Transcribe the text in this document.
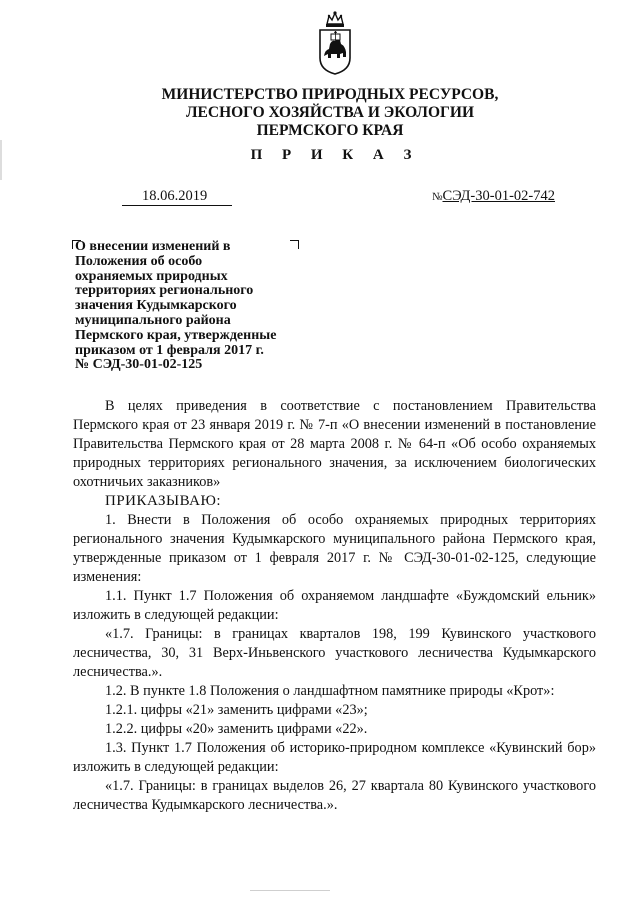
МИНИСТЕРСТВО ПРИРОДНЫХ РЕСУРСОВ,
ЛЕСНОГО ХОЗЯЙСТВА И ЭКОЛОГИИ
ПЕРМСКОГО КРАЯ
П Р И К А З
18.06.2019	№СЭД-30-01-02-742
О внесении изменений в
Положения об особо
охраняемых природных
территориях регионального
значения Кудымкарского
муниципального района
Пермского края, утвержденные
приказом от 1 февраля 2017 г.
№ СЭД-30-01-02-125

В целях приведения в соответствие с постановлением Правительства Пермского края от 23 января 2019 г. № 7-п «О внесении изменений в постановление Правительства Пермского края от 28 марта 2008 г. № 64-п «Об особо охраняемых природных территориях регионального значения, за исключением биологических охотничьих заказников»

ПРИКАЗЫВАЮ:

1. Внести в Положения об особо охраняемых природных территориях регионального значения Кудымкарского муниципального района Пермского края, утвержденные приказом от 1 февраля 2017 г. № СЭД-30-01-02-125, следующие изменения:

1.1. Пункт 1.7 Положения об охраняемом ландшафте «Буждомский ельник» изложить в следующей редакции:

«1.7. Границы: в границах кварталов 198, 199 Кувинского участкового лесничества, 30, 31 Верх-Иньвенского участкового лесничества Кудымкарского лесничества.».

1.2. В пункте 1.8 Положения о ландшафтном памятнике природы «Крот»:

1.2.1. цифры «21» заменить цифрами «23»;

1.2.2. цифры «20» заменить цифрами «22».

1.3. Пункт 1.7 Положения об историко-природном комплексе «Кувинский бор» изложить в следующей редакции:

«1.7. Границы: в границах выделов 26, 27 квартала 80 Кувинского участкового лесничества Кудымкарского лесничества.».
